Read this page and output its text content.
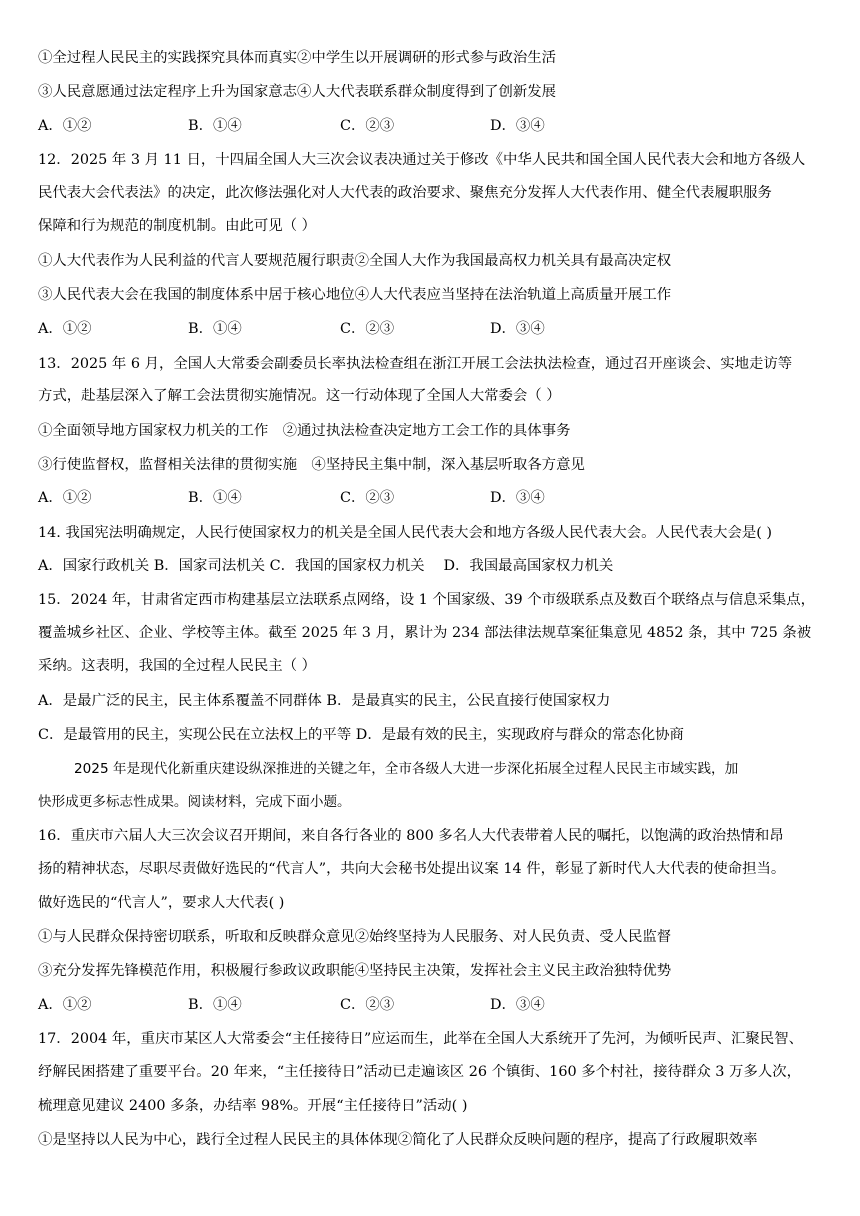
①全过程人民民主的实践探究具体而真实②中学生以开展调研的形式参与政治生活
③人民意愿通过法定程序上升为国家意志④人大代表联系群众制度得到了创新发展
A．①②	B．①④	C．②③	D．③④
12．2025 年 3 月 11 日，十四届全国人大三次会议表决通过关于修改《中华人民共和国全国人民代表大会和地方各级人
民代表大会代表法》的决定，此次修法强化对人大代表的政治要求、聚焦充分发挥人大代表作用、健全代表履职服务
保障和行为规范的制度机制。由此可见（ ）
①人大代表作为人民利益的代言人要规范履行职责②全国人大作为我国最高权力机关具有最高决定权
③人民代表大会在我国的制度体系中居于核心地位④人大代表应当坚持在法治轨道上高质量开展工作
A．①②	B．①④	C．②③	D．③④
13．2025 年 6 月，全国人大常委会副委员长率执法检查组在浙江开展工会法执法检查，通过召开座谈会、实地走访等
方式，赴基层深入了解工会法贯彻实施情况。这一行动体现了全国人大常委会（ ）
①全面领导地方国家权力机关的工作　②通过执法检查决定地方工会工作的具体事务
③行使监督权，监督相关法律的贯彻实施　④坚持民主集中制，深入基层听取各方意见
A．①②	B．①④	C．②③	D．③④
14. 我国宪法明确规定，人民行使国家权力的机关是全国人民代表大会和地方各级人民代表大会。人民代表大会是( )
A．国家行政机关 B．国家司法机关 C．我国的国家权力机关　 D．我国最高国家权力机关
15．2024 年，甘肃省定西市构建基层立法联系点网络，设 1 个国家级、39 个市级联系点及数百个联络点与信息采集点，
覆盖城乡社区、企业、学校等主体。截至 2025 年 3 月，累计为 234 部法律法规草案征集意见 4852 条，其中 725 条被
采纳。这表明，我国的全过程人民民主（ ）
A．是最广泛的民主，民主体系覆盖不同群体 B．是最真实的民主，公民直接行使国家权力
C．是最管用的民主，实现公民在立法权上的平等 D．是最有效的民主，实现政府与群众的常态化协商
2025 年是现代化新重庆建设纵深推进的关键之年，全市各级人大进一步深化拓展全过程人民民主市域实践，加
快形成更多标志性成果。阅读材料，完成下面小题。
16．重庆市六届人大三次会议召开期间，来自各行各业的 800 多名人大代表带着人民的嘱托，以饱满的政治热情和昂
扬的精神状态，尽职尽责做好选民的“代言人”，共向大会秘书处提出议案 14 件，彰显了新时代人大代表的使命担当。
做好选民的“代言人”，要求人大代表( )
①与人民群众保持密切联系，听取和反映群众意见②始终坚持为人民服务、对人民负责、受人民监督
③充分发挥先锋模范作用，积极履行参政议政职能④坚持民主决策，发挥社会主义民主政治独特优势
A．①②	B．①④	C．②③	D．③④
17．2004 年，重庆市某区人大常委会“主任接待日”应运而生，此举在全国人大系统开了先河，为倾听民声、汇聚民智、
纾解民困搭建了重要平台。20 年来，“主任接待日”活动已走遍该区 26 个镇街、160 多个村社，接待群众 3 万多人次，
梳理意见建议 2400 多条，办结率 98%。开展“主任接待日”活动( )
①是坚持以人民为中心，践行全过程人民民主的具体体现②简化了人民群众反映问题的程序，提高了行政履职效率
